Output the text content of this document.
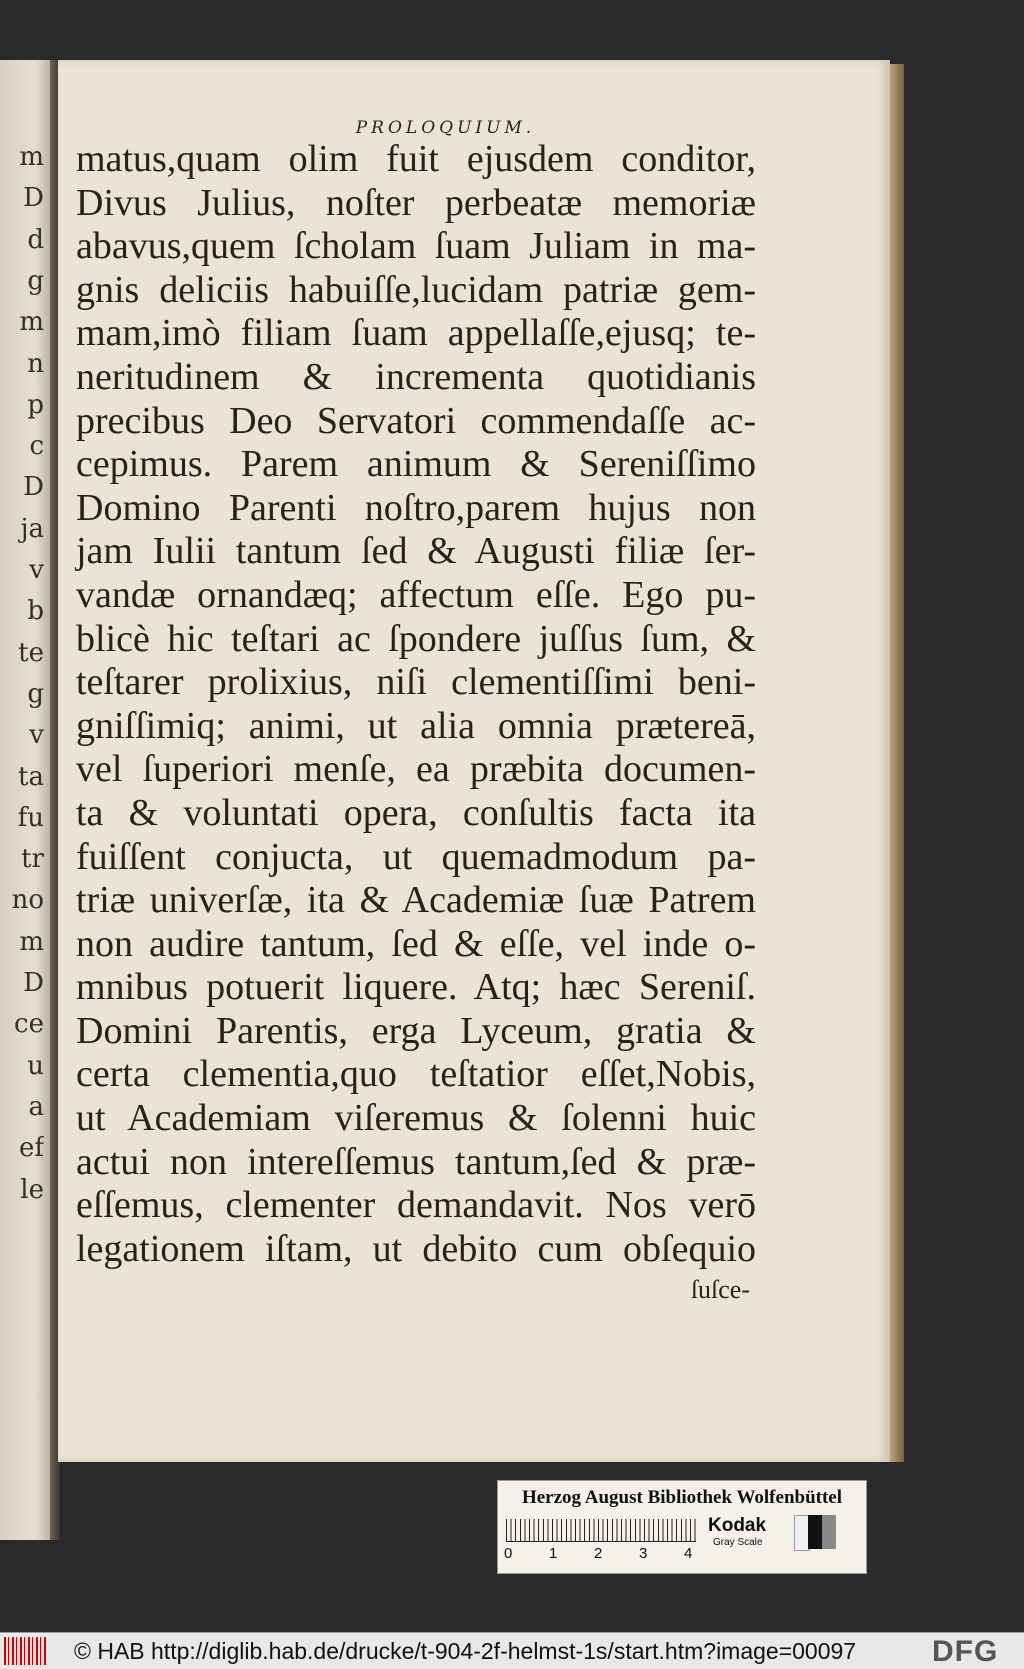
m
D
d
g
m
n
p
c
D
ja
v
b
te
g
v
ta
fu
tr
no
m
D
ce
u
a
ef
le
PROLOQUIUM.
matus,quam olim fuit ejusdem conditor,
Divus Julius, noſter perbeatæ memoriæ
abavus,quem ſcholam ſuam Juliam in ma-
gnis deliciis habuiſſe,lucidam patriæ gem-
mam,imò filiam ſuam appellaſſe,ejusq; te-
neritudinem & incrementa quotidianis
precibus Deo Servatori commendaſſe ac-
cepimus. Parem animum & Sereniſſimo
Domino Parenti noſtro,parem hujus non
jam Iulii tantum ſed & Augusti filiæ ſer-
vandæ ornandæq; affectum eſſe. Ego pu-
blicè hic teſtari ac ſpondere juſſus ſum, &
teſtarer prolixius, niſi clementiſſimi beni-
gniſſimiq; animi, ut alia omnia prætereā,
vel ſuperiori menſe, ea præbita documen-
ta & voluntati opera, conſultis facta ita
fuiſſent conjucta, ut quemadmodum pa-
triæ univerſæ, ita & Academiæ ſuæ Patrem
non audire tantum, ſed & eſſe, vel inde o-
mnibus potuerit liquere. Atq; hæc Sereniſ.
Domini Parentis, erga Lyceum, gratia &
certa clementia,quo teſtatior eſſet,Nobis,
ut Academiam viſeremus & ſolenni huic
actui non intereſſemus tantum,ſed & præ-
eſſemus, clementer demandavit. Nos verō
legationem iſtam, ut debito cum obſequio
ſuſce-
Herzog August Bibliothek Wolfenbüttel
0 1 2 3 4
Kodak
Gray Scale
© HAB http://diglib.hab.de/drucke/t-904-2f-helmst-1s/start.htm?image=00097	DFG
